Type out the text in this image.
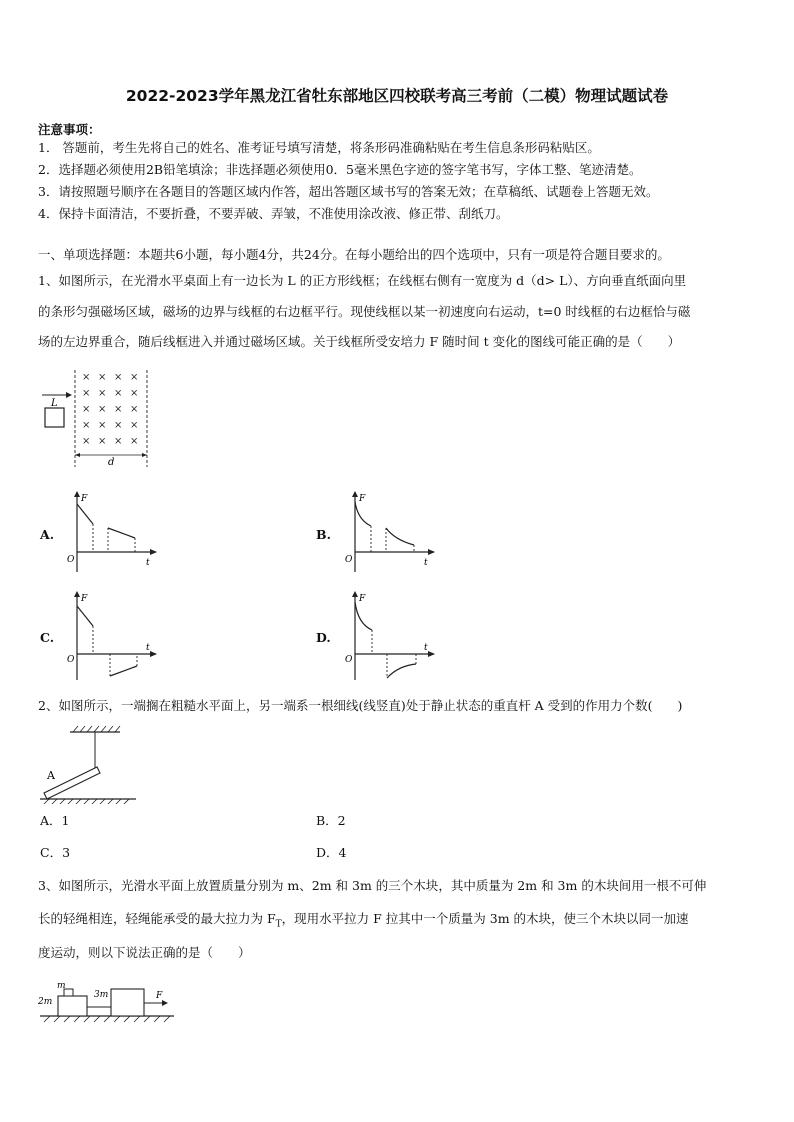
2022-2023学年黑龙江省牡东部地区四校联考高三考前（二模）物理试题试卷
注意事项：
1． 答题前，考生先将自己的姓名、准考证号填写清楚，将条形码准确粘贴在考生信息条形码粘贴区。
2．选择题必须使用2B铅笔填涂；非选择题必须使用0．5毫米黑色字迹的签字笔书写，字体工整、笔迹清楚。
3．请按照题号顺序在各题目的答题区域内作答，超出答题区域书写的答案无效；在草稿纸、试题卷上答题无效。
4．保持卡面清洁，不要折叠，不要弄破、弄皱，不准使用涂改液、修正带、刮纸刀。
一、单项选择题：本题共6小题，每小题4分，共24分。在每小题给出的四个选项中，只有一项是符合题目要求的。
1、如图所示，在光滑水平桌面上有一边长为 L 的正方形线框；在线框右侧有一宽度为 d（d> L）、方向垂直纸面向里
的条形匀强磁场区域，磁场的边界与线框的右边框平行。现使线框以某一初速度向右运动，t=0 时线框的右边框恰与磁
场的左边界重合，随后线框进入并通过磁场区域。关于线框所受安培力 F 随时间 t 变化的图线可能正确的是（　　）
L
× × × ×
× × × ×
× × × ×
× × × ×
× × × ×
d
A.
F
t
O
B.
F
t
O
C.
F
t
O
D.
F
t
O
2、如图所示，一端搁在粗糙水平面上，另一端系一根细线(线竖直)处于静止状态的重直杆 A 受到的作用力个数(　　)
A
A．1	B．2
C．3	D．4
3、如图所示，光滑水平面上放置质量分别为 m、2m 和 3m 的三个木块，其中质量为 2m 和 3m 的木块间用一根不可伸
长的轻绳相连，轻绳能承受的最大拉力为 $F_T$，现用水平拉力 F 拉其中一个质量为 3m 的木块，使三个木块以同一加速
度运动，则以下说法正确的是（　　）
m
2m
3m	F
